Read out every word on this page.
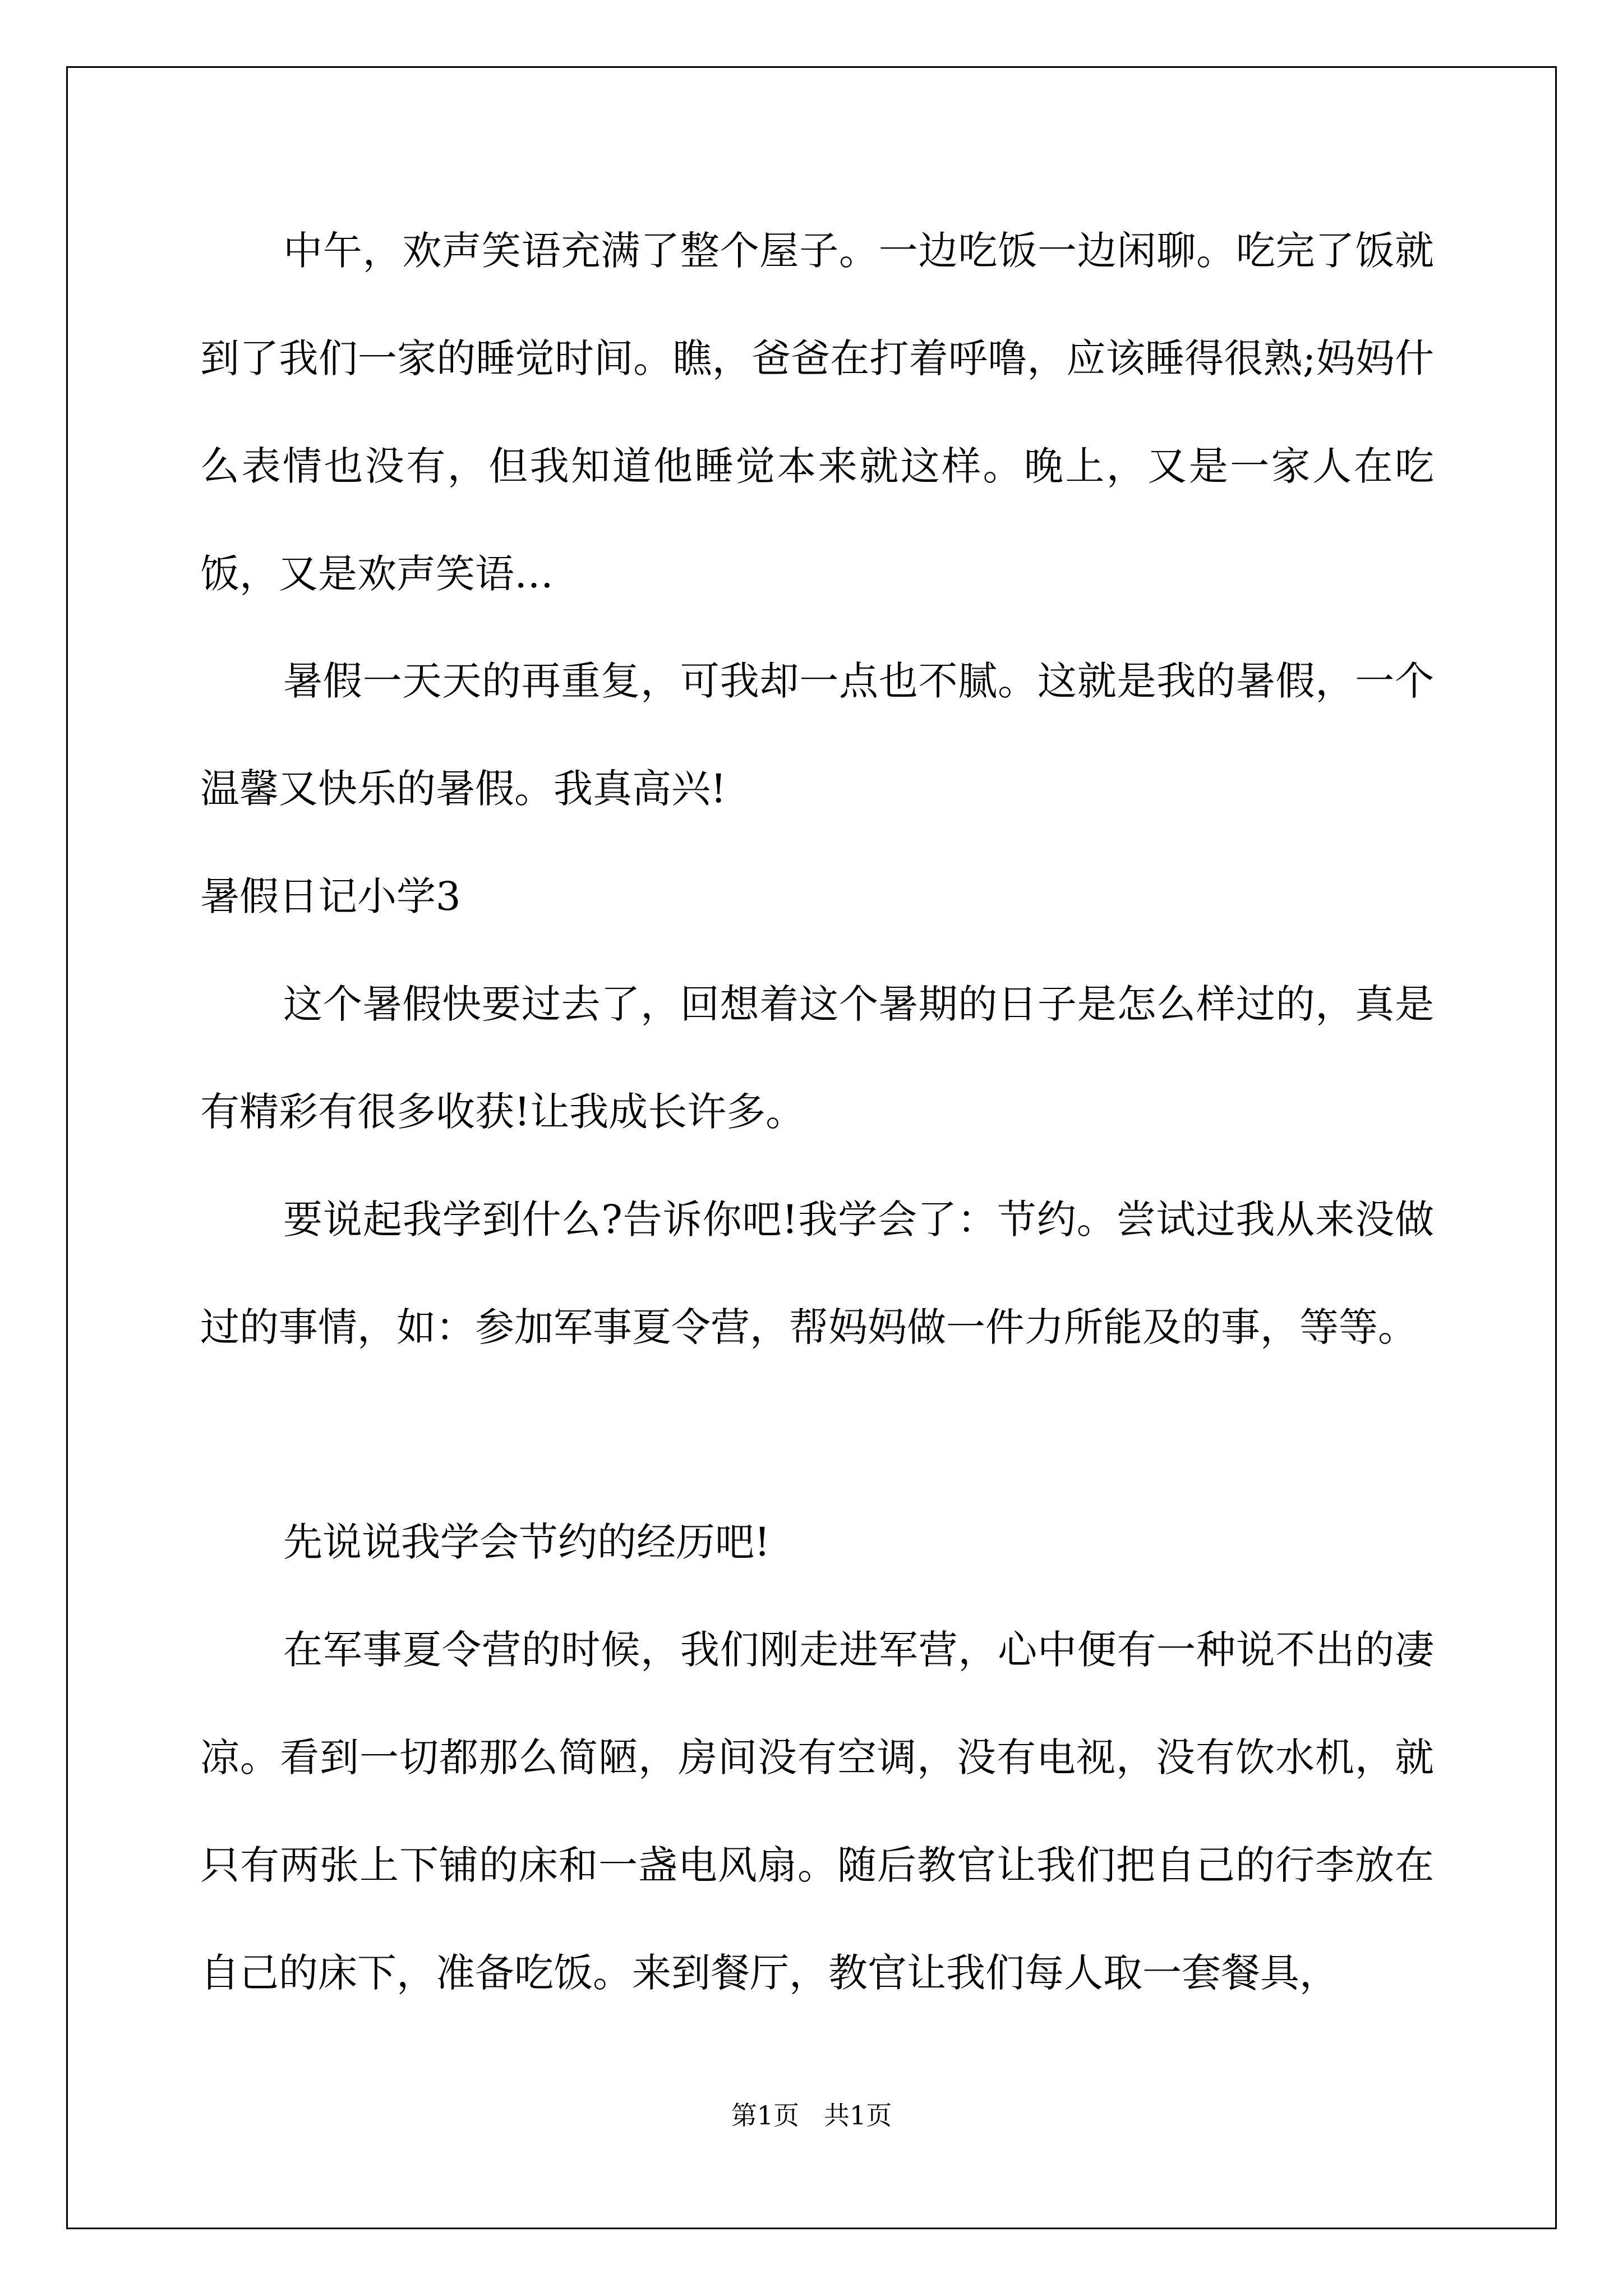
中午，欢声笑语充满了整个屋子。一边吃饭一边闲聊。吃完了饭就到了我们一家的睡觉时间。瞧，爸爸在打着呼噜，应该睡得很熟;妈妈什么表情也没有，但我知道他睡觉本来就这样。晚上，又是一家人在吃饭，又是欢声笑语…

暑假一天天的再重复，可我却一点也不腻。这就是我的暑假，一个温馨又快乐的暑假。我真高兴!

暑假日记小学3

这个暑假快要过去了，回想着这个暑期的日子是怎么样过的，真是有精彩有很多收获!让我成长许多。

要说起我学到什么?告诉你吧!我学会了：节约。尝试过我从来没做过的事情，如：参加军事夏令营，帮妈妈做一件力所能及的事，等等。

先说说我学会节约的经历吧!

在军事夏令营的时候，我们刚走进军营，心中便有一种说不出的凄凉。看到一切都那么简陋，房间没有空调，没有电视，没有饮水机，就只有两张上下铺的床和一盏电风扇。随后教官让我们把自己的行李放在自己的床下，准备吃饭。来到餐厅，教官让我们每人取一套餐具，

第1页 共1页
